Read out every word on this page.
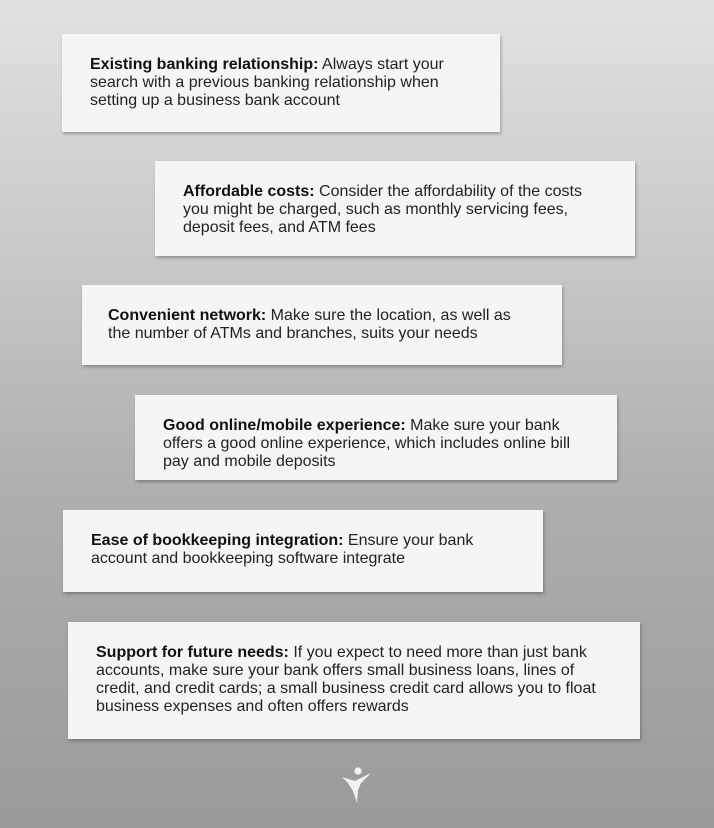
Existing banking relationship: Always start your search with a previous banking relationship when setting up a business bank account
Affordable costs: Consider the affordability of the costs you might be charged, such as monthly servicing fees, deposit fees, and ATM fees
Convenient network: Make sure the location, as well as the number of ATMs and branches, suits your needs
Good online/mobile experience: Make sure your bank offers a good online experience, which includes online bill pay and mobile deposits
Ease of bookkeeping integration: Ensure your bank account and bookkeeping software integrate
Support for future needs: If you expect to need more than just bank accounts, make sure your bank offers small business loans, lines of credit, and credit cards; a small business credit card allows you to float business expenses and often offers rewards
